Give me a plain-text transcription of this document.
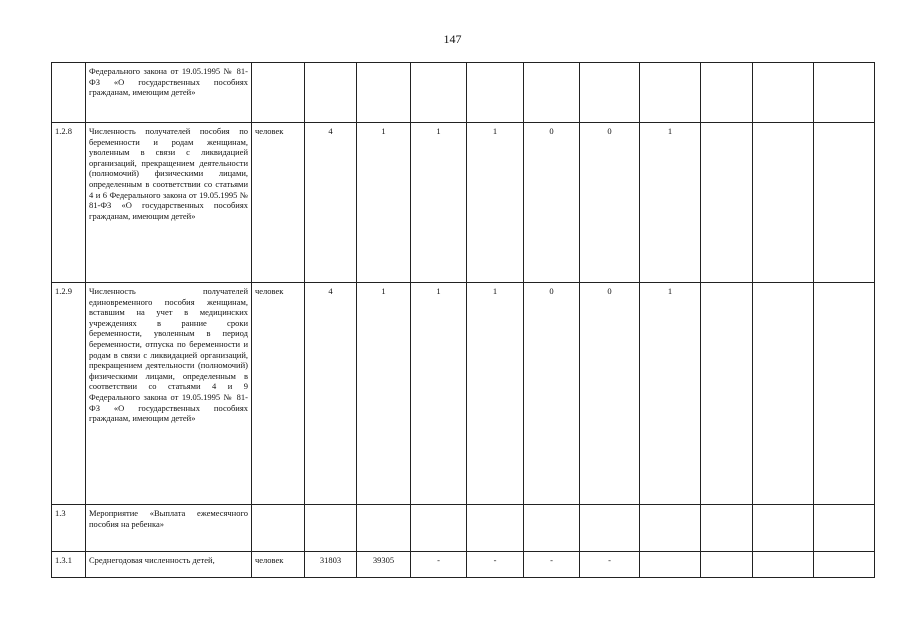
147
	Федерального закона от 19.05.1995 № 81-ФЗ «О государственных пособиях гражданам, имеющим детей»											
1.2.8	Численность получателей пособия по беременности и родам женщинам, уволенным в связи с ликвидацией организаций, прекращением деятельности (полномочий) физическими лицами, определенным в соответствии со статьями 4 и 6 Федерального закона от 19.05.1995 № 81-ФЗ «О государственных пособиях гражданам, имеющим детей»	человек	4	1	1	1	0	0	1			
1.2.9	Численность получателей единовременного пособия женщинам, вставшим на учет в медицинских учреждениях в ранние сроки беременности, уволенным в период беременности, отпуска по беременности и родам в связи с ликвидацией организаций, прекращением деятельности (полномочий) физическими лицами, определенным в соответствии со статьями 4 и 9 Федерального закона от 19.05.1995 № 81-ФЗ «О государственных пособиях гражданам, имеющим детей»	человек	4	1	1	1	0	0	1			
1.3	Мероприятие «Выплата ежемесячного пособия на ребенка»											
1.3.1	Среднегодовая численность детей,	человек	31803	39305	-	-	-	-				
